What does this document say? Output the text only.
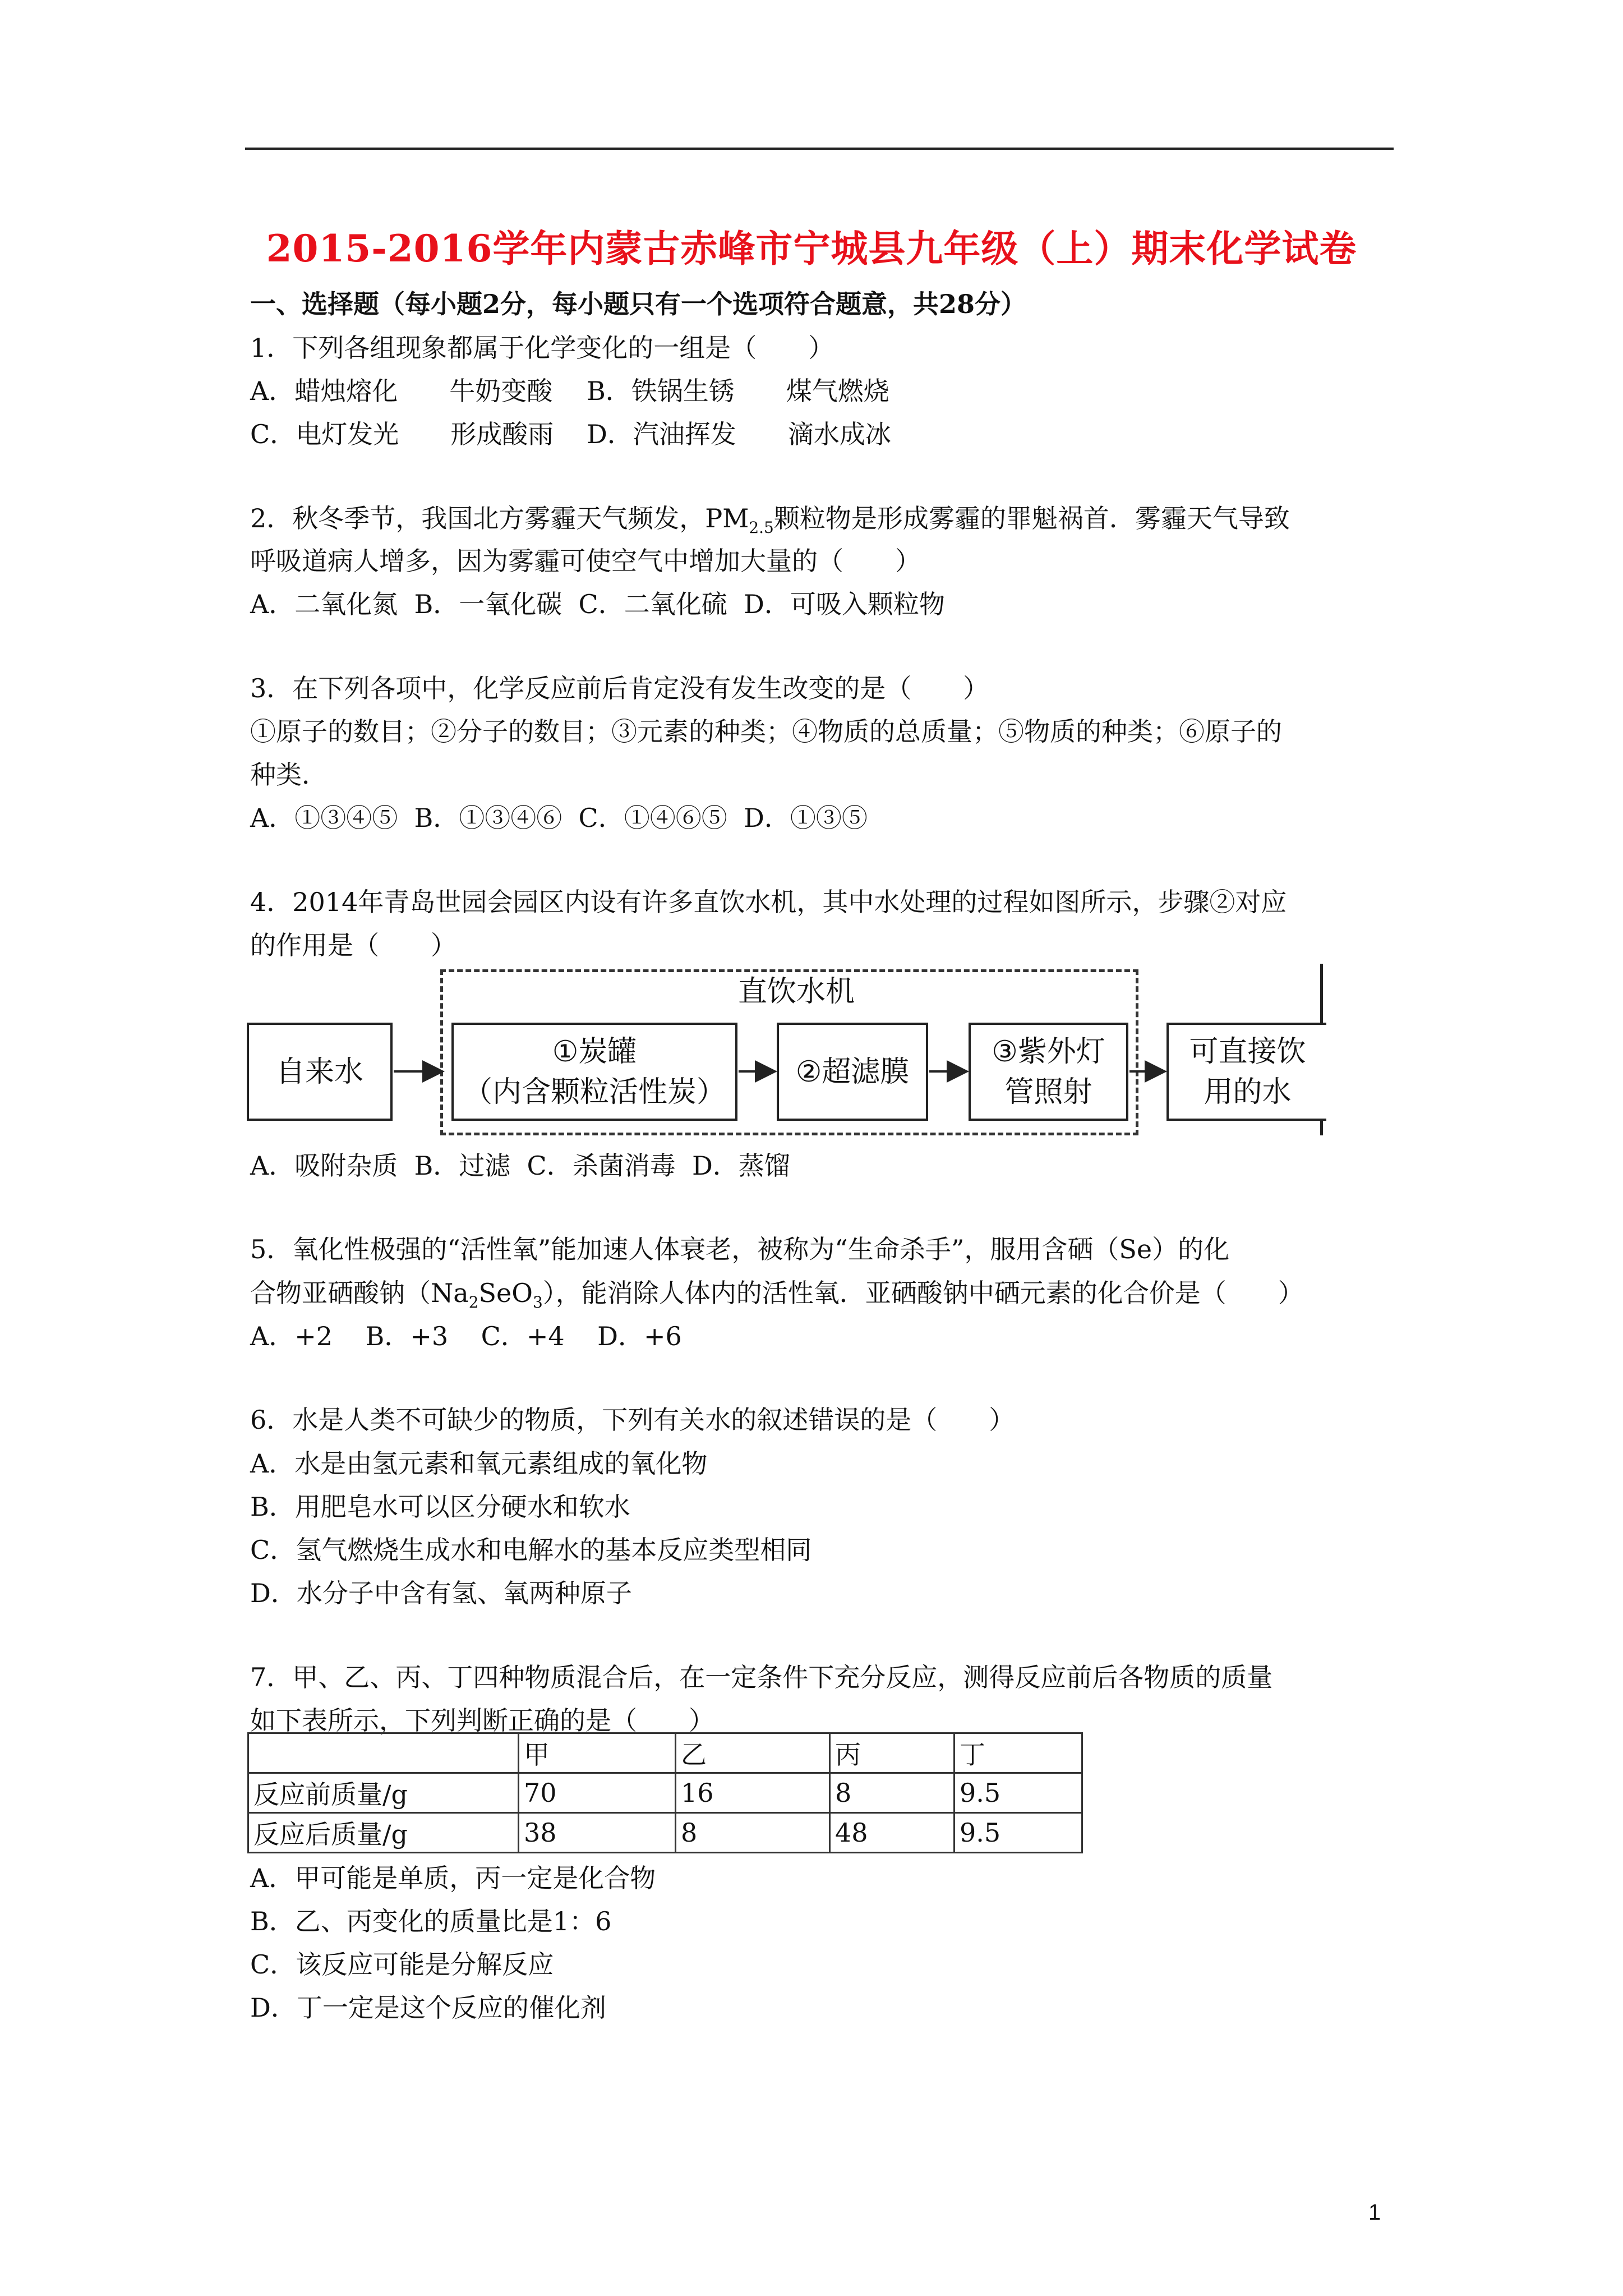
2015-2016学年内蒙古赤峰市宁城县九年级（上）期末化学试卷
一、选择题（每小题2分，每小题只有一个选项符合题意，共28分）
1．下列各组现象都属于化学变化的一组是（　　）
A．蜡烛熔化　　牛奶变酸 B．铁锅生锈　　煤气燃烧
C．电灯发光　　形成酸雨 D．汽油挥发　　滴水成冰
2．秋冬季节，我国北方雾霾天气频发，$PM_{2.5}$颗粒物是形成雾霾的罪魁祸首．雾霾天气导致
呼吸道病人增多，因为雾霾可使空气中增加大量的（　　）
A．二氧化氮  B．一氧化碳  C．二氧化硫  D．可吸入颗粒物
3．在下列各项中，化学反应前后肯定没有发生改变的是（　　）
①原子的数目；②分子的数目；③元素的种类；④物质的总质量；⑤物质的种类；⑥原子的
种类．
A．①③④⑤  B．①③④⑥  C．①④⑥⑤  D．①③⑤
4．2014年青岛世园会园区内设有许多直饮水机，其中水处理的过程如图所示，步骤②对应
的作用是（　　）
直饮水机
自来水
①炭罐
（内含颗粒活性炭）
②超滤膜
③紫外灯
管照射
可直接饮
用的水
A．吸附杂质  B．过滤  C．杀菌消毒  D．蒸馏
5．氧化性极强的“活性氧”能加速人体衰老，被称为“生命杀手”，服用含硒（Se）的化
合物亚硒酸钠$(Na_2SeO_3)$，能消除人体内的活性氧．亚硒酸钠中硒元素的化合价是（　　）
A．+2    B．+3    C．+4    D．+6
6．水是人类不可缺少的物质，下列有关水的叙述错误的是（　　）
A．水是由氢元素和氧元素组成的氧化物
B．用肥皂水可以区分硬水和软水
C．氢气燃烧生成水和电解水的基本反应类型相同
D．水分子中含有氢、氧两种原子
7．甲、乙、丙、丁四种物质混合后，在一定条件下充分反应，测得反应前后各物质的质量
如下表所示，下列判断正确的是（　　）
	甲	乙	丙	丁
反应前质量/g	70	16	8	9.5
反应后质量/g	38	8	48	9.5
A．甲可能是单质，丙一定是化合物
B．乙、丙变化的质量比是1：6
C．该反应可能是分解反应
D．丁一定是这个反应的催化剂
1
